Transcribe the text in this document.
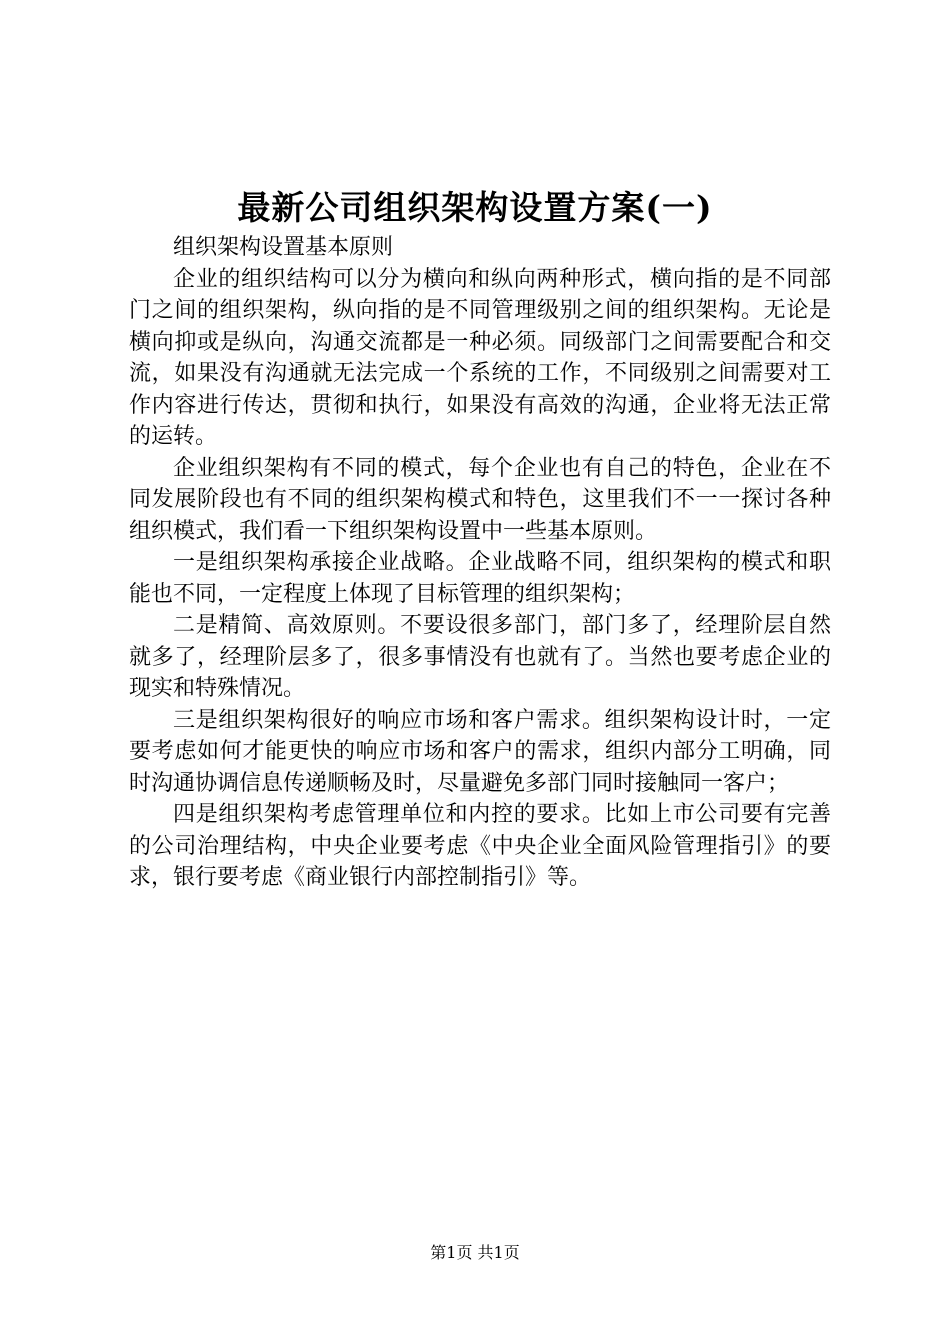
最新公司组织架构设置方案(一)

组织架构设置基本原则

企业的组织结构可以分为横向和纵向两种形式，横向指的是不同部门之间的组织架构，纵向指的是不同管理级别之间的组织架构。无论是横向抑或是纵向，沟通交流都是一种必须。同级部门之间需要配合和交流，如果没有沟通就无法完成一个系统的工作，不同级别之间需要对工作内容进行传达，贯彻和执行，如果没有高效的沟通，企业将无法正常的运转。

企业组织架构有不同的模式，每个企业也有自己的特色，企业在不同发展阶段也有不同的组织架构模式和特色，这里我们不一一探讨各种组织模式，我们看一下组织架构设置中一些基本原则。

一是组织架构承接企业战略。企业战略不同，组织架构的模式和职能也不同，一定程度上体现了目标管理的组织架构；

二是精简、高效原则。不要设很多部门，部门多了，经理阶层自然就多了，经理阶层多了，很多事情没有也就有了。当然也要考虑企业的现实和特殊情况。

三是组织架构很好的响应市场和客户需求。组织架构设计时，一定要考虑如何才能更快的响应市场和客户的需求，组织内部分工明确，同时沟通协调信息传递顺畅及时，尽量避免多部门同时接触同一客户；

四是组织架构考虑管理单位和内控的要求。比如上市公司要有完善的公司治理结构，中央企业要考虑《中央企业全面风险管理指引》的要求，银行要考虑《商业银行内部控制指引》等。

第1页 共1页
